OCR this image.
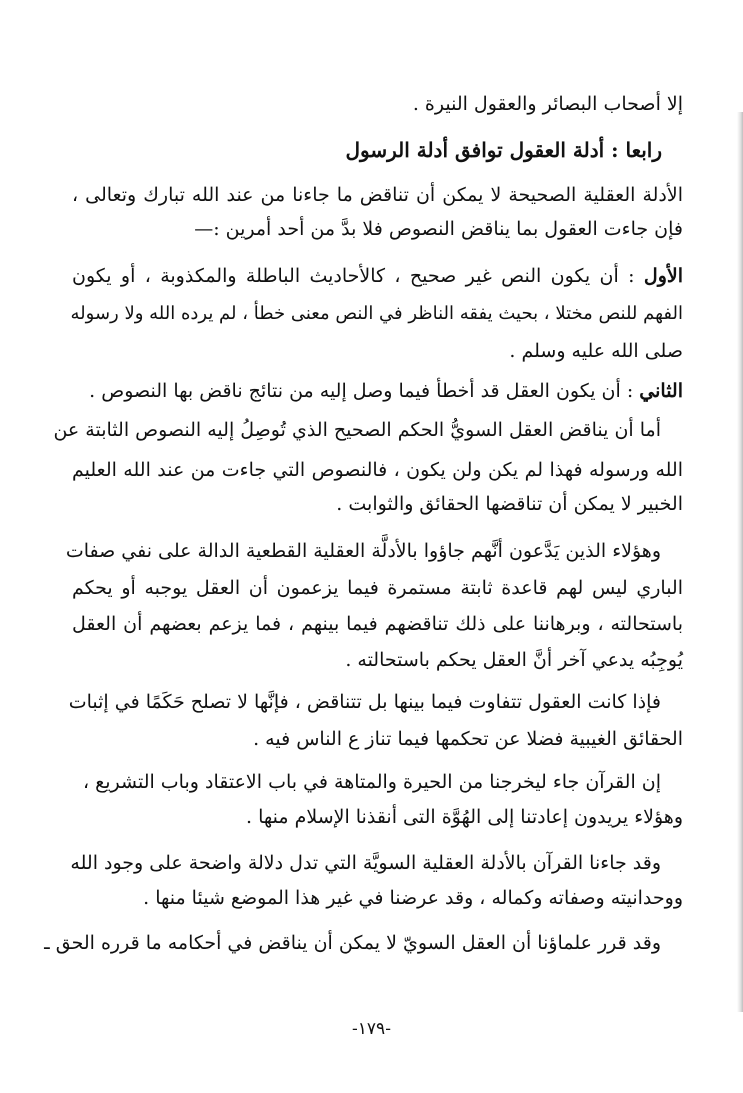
إلا أصحاب البصائر والعقول النيرة .
رابعا : أدلة العقول توافق أدلة الرسول
الأدلة العقلية الصحيحة لا يمكن أن تناقض ما جاءنا من عند الله تبارك وتعالى ،
فإن جاءت العقول بما يناقض النصوص فلا بدَّ من أحد أمرين :—
الأول : أن يكون النص غير صحيح ، كالأحاديث الباطلة والمكذوبة ، أو يكون
الفهم للنص مختلا ، بحيث يفقه الناظر في النص معنى خطأ ، لم يرده الله ولا رسوله
صلى الله عليه وسلم .
الثاني : أن يكون العقل قد أخطأ فيما وصل إليه من نتائج ناقض بها النصوص .
أما أن يناقض العقل السويُّ الحكم الصحيح الذي تُوصِلُ إليه النصوص الثابتة عن
الله ورسوله فهذا لم يكن ولن يكون ، فالنصوص التي جاءت من عند الله العليم
الخبير لا يمكن أن تناقضها الحقائق والثوابت .
وهؤلاء الذين يَدَّعون أنَّهم جاؤوا بالأدلَّة العقلية القطعية الدالة على نفي صفات
الباري ليس لهم قاعدة ثابتة مستمرة فيما يزعمون أن العقل يوجبه أو يحكم
باستحالته ، وبرهاننا على ذلك تناقضهم فيما بينهم ، فما يزعم بعضهم أن العقل
يُوجِبُه يدعي آخر أنَّ العقل يحكم باستحالته .
فإذا كانت العقول تتفاوت فيما بينها بل تتناقض ، فإنَّها لا تصلح حَكَمًا في إثبات
الحقائق الغيبية فضلا عن تحكمها فيما تناز ع الناس فيه .
إن القرآن جاء ليخرجنا من الحيرة والمتاهة في باب الاعتقاد وباب التشريع ،
وهؤلاء يريدون إعادتنا إلى الهُوَّة التى أنقذنا الإسلام منها .
وقد جاءنا القرآن بالأدلة العقلية السويَّة التي تدل دلالة واضحة على وجود الله
ووحدانيته وصفاته وكماله ، وقد عرضنا في غير هذا الموضع شيئا منها .
وقد قرر علماؤنا أن العقل السويّ لا يمكن أن يناقض في أحكامه ما قرره الحق ـ
-١٧٩-
